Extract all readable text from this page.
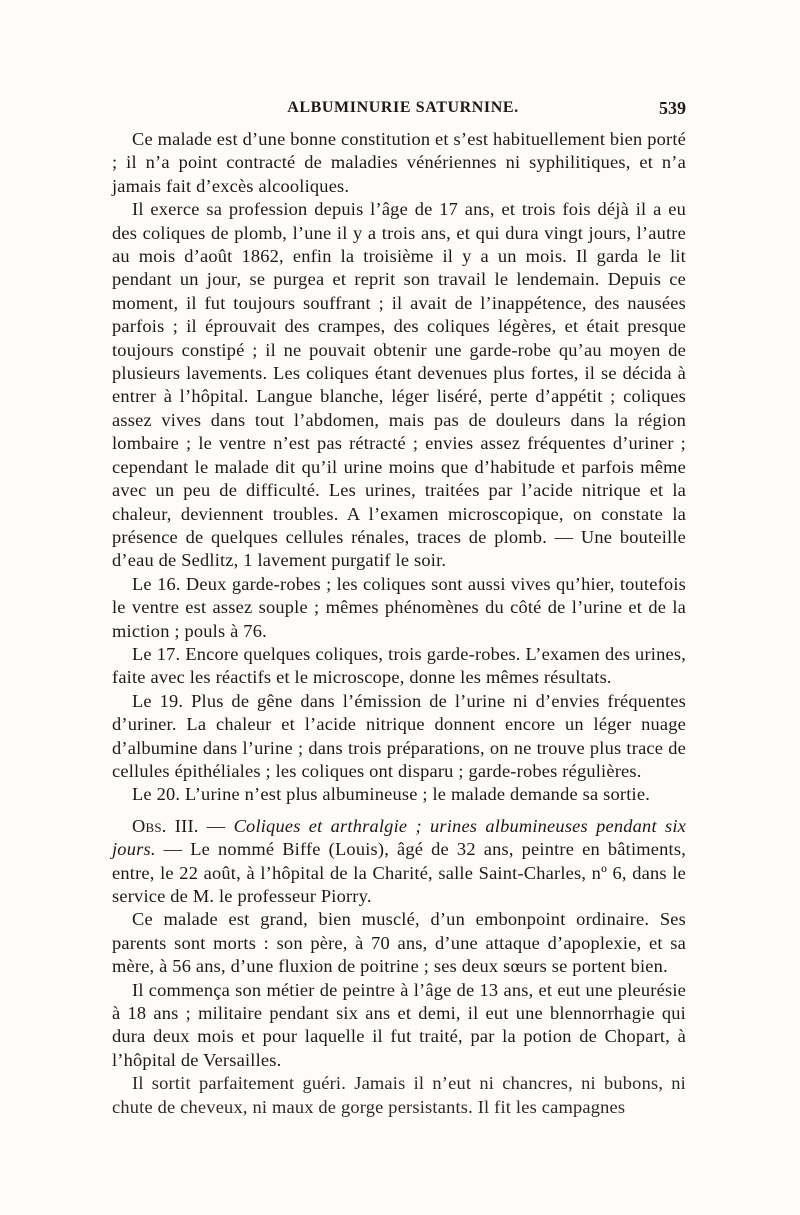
ALBUMINURIE SATURNINE.	539

Ce malade est d’une bonne constitution et s’est habituellement bien porté ; il n’a point contracté de maladies vénériennes ni syphilitiques, et n’a jamais fait d’excès alcooliques.

Il exerce sa profession depuis l’âge de 17 ans, et trois fois déjà il a eu des coliques de plomb, l’une il y a trois ans, et qui dura vingt jours, l’autre au mois d’août 1862, enfin la troisième il y a un mois. Il garda le lit pendant un jour, se purgea et reprit son travail le lendemain. Depuis ce moment, il fut toujours souffrant ; il avait de l’inappétence, des nausées parfois ; il éprouvait des crampes, des coliques légères, et était presque toujours constipé ; il ne pouvait obtenir une garde-robe qu’au moyen de plusieurs lavements. Les coliques étant devenues plus fortes, il se décida à entrer à l’hôpital. Langue blanche, léger liséré, perte d’appétit ; coliques assez vives dans tout l’abdomen, mais pas de douleurs dans la région lombaire ; le ventre n’est pas rétracté ; envies assez fréquentes d’uriner ; cependant le malade dit qu’il urine moins que d’habitude et parfois même avec un peu de difficulté. Les urines, traitées par l’acide nitrique et la chaleur, deviennent troubles. A l’examen microscopique, on constate la présence de quelques cellules rénales, traces de plomb. — Une bouteille d’eau de Sedlitz, 1 lavement purgatif le soir.

Le 16. Deux garde-robes ; les coliques sont aussi vives qu’hier, toutefois le ventre est assez souple ; mêmes phénomènes du côté de l’urine et de la miction ; pouls à 76.

Le 17. Encore quelques coliques, trois garde-robes. L’examen des urines, faite avec les réactifs et le microscope, donne les mêmes résultats.

Le 19. Plus de gêne dans l’émission de l’urine ni d’envies fréquentes d’uriner. La chaleur et l’acide nitrique donnent encore un léger nuage d’albumine dans l’urine ; dans trois préparations, on ne trouve plus trace de cellules épithéliales ; les coliques ont disparu ; garde-robes régulières.

Le 20. L’urine n’est plus albumineuse ; le malade demande sa sortie.

Obs. III. — Coliques et arthralgie ; urines albumineuses pendant six jours. — Le nommé Biffe (Louis), âgé de 32 ans, peintre en bâtiments, entre, le 22 août, à l’hôpital de la Charité, salle Saint-Charles, nº 6, dans le service de M. le professeur Piorry.

Ce malade est grand, bien musclé, d’un embonpoint ordinaire. Ses parents sont morts : son père, à 70 ans, d’une attaque d’apoplexie, et sa mère, à 56 ans, d’une fluxion de poitrine ; ses deux sœurs se portent bien.

Il commença son métier de peintre à l’âge de 13 ans, et eut une pleurésie à 18 ans ; militaire pendant six ans et demi, il eut une blennorrhagie qui dura deux mois et pour laquelle il fut traité, par la potion de Chopart, à l’hôpital de Versailles.

Il sortit parfaitement guéri. Jamais il n’eut ni chancres, ni bubons, ni chute de cheveux, ni maux de gorge persistants. Il fit les campagnes
